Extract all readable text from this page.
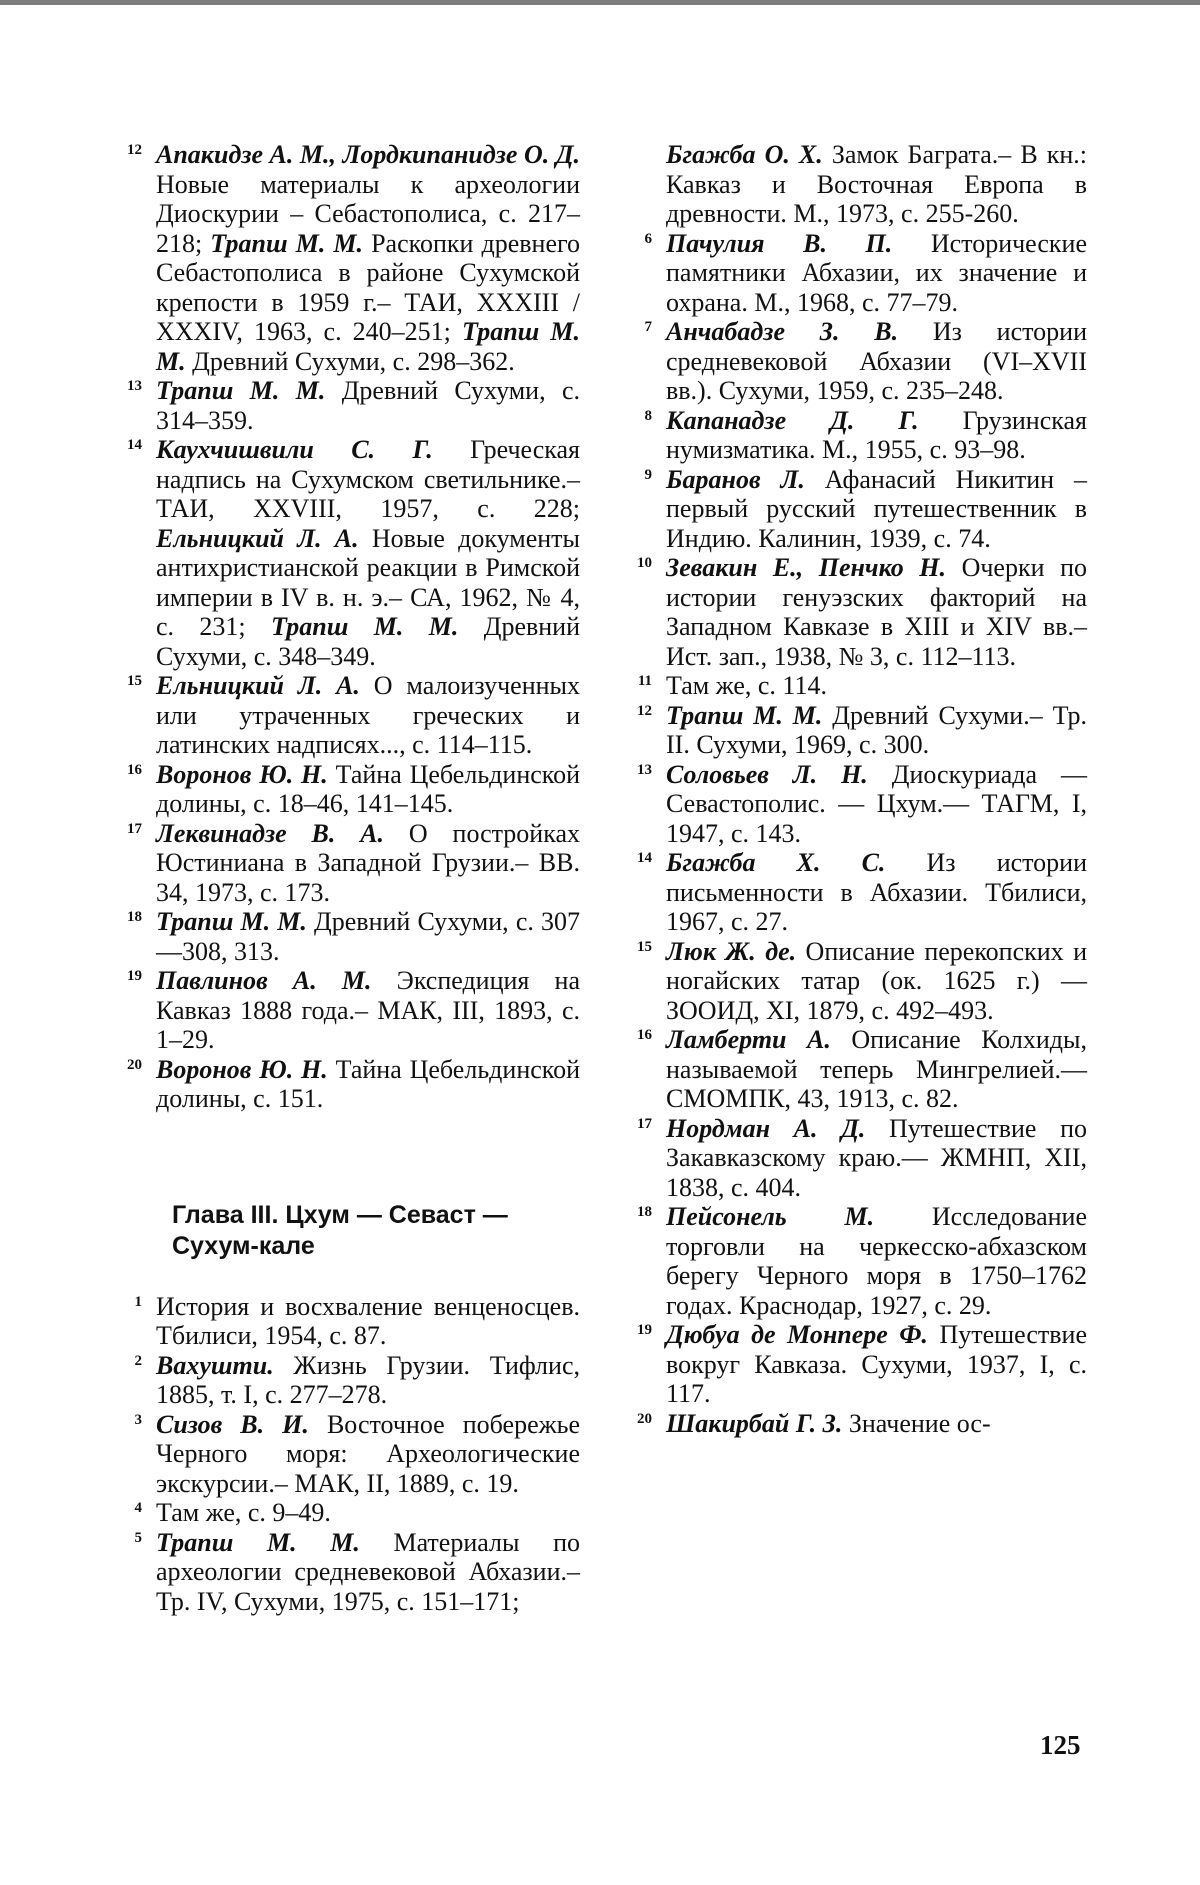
12 Апакидзе А. М., Лордкипанидзе О. Д. Новые материалы к археологии Диоскурии – Себастополиса, с. 217–218; Трапш М. М. Раскопки древнего Себастополиса в районе Сухумской крепости в 1959 г.– ТАИ, XXXIII / XXXIV, 1963, с. 240–251; Трапш М. М. Древний Сухуми, с. 298–362.

13 Трапш М. М. Древний Сухуми, с. 314–359.

14 Каухчишвили С. Г. Греческая надпись на Сухумском светильнике.– ТАИ, XXVIII, 1957, с. 228; Ельницкий Л. А. Новые документы антихристианской реакции в Римской империи в IV в. н. э.– СА, 1962, № 4, с. 231; Трапш М. М. Древний Сухуми, с. 348–349.

15 Ельницкий Л. А. О малоизученных или утраченных греческих и латинских надписях..., с. 114–115.

16 Воронов Ю. Н. Тайна Цебельдинской долины, с. 18–46, 141–145.

17 Леквинадзе В. А. О постройках Юстиниана в Западной Грузии.– ВВ. 34, 1973, с. 173.

18 Трапш М. М. Древний Сухуми, с. 307—308, 313.

19 Павлинов А. М. Экспедиция на Кавказ 1888 года.– МАК, III, 1893, с. 1–29.

20 Воронов Ю. Н. Тайна Цебельдинской долины, с. 151.

Глава III. Цхум — Севаст — Сухум-кале

1 История и восхваление венценосцев. Тбилиси, 1954, с. 87.

2 Вахушти. Жизнь Грузии. Тифлис, 1885, т. I, с. 277–278.

3 Сизов В. И. Восточное побережье Черного моря: Археологические экскурсии.– МАК, II, 1889, с. 19.

4 Там же, с. 9–49.

5 Трапш М. М. Материалы по археологии средневековой Абхазии.– Тр. IV, Сухуми, 1975, с. 151–171;

Бгажба О. Х. Замок Баграта.– В кн.: Кавказ и Восточная Европа в древности. М., 1973, с. 255-260.

6 Пачулия В. П. Исторические памятники Абхазии, их значение и охрана. М., 1968, с. 77–79.

7 Анчабадзе З. В. Из истории средневековой Абхазии (VI–XVII вв.). Сухуми, 1959, с. 235–248.

8 Капанадзе Д. Г. Грузинская нумизматика. М., 1955, с. 93–98.

9 Баранов Л. Афанасий Никитин – первый русский путешественник в Индию. Калинин, 1939, с. 74.

10 Зевакин Е., Пенчко Н. Очерки по истории генуэзских факторий на Западном Кавказе в XIII и XIV вв.– Ист. зап., 1938, № 3, с. 112–113.

11 Там же, с. 114.

12 Трапш М. М. Древний Сухуми.– Тр. II. Сухуми, 1969, с. 300.

13 Соловьев Л. Н. Диоскуриада — Севастополис. — Цхум.— ТАГМ, I, 1947, с. 143.

14 Бгажба Х. С. Из истории письменности в Абхазии. Тбилиси, 1967, с. 27.

15 Люк Ж. де. Описание перекопских и ногайских татар (ок. 1625 г.) — ЗООИД, XI, 1879, с. 492–493.

16 Ламберти А. Описание Колхиды, называемой теперь Мингрелией.— СМОМПК, 43, 1913, с. 82.

17 Нордман А. Д. Путешествие по Закавказскому краю.— ЖМНП, XII, 1838, с. 404.

18 Пейсонель М. Исследование торговли на черкесско-абхазском берегу Черного моря в 1750–1762 годах. Краснодар, 1927, с. 29.

19 Дюбуа де Монпере Ф. Путешествие вокруг Кавказа. Сухуми, 1937, I, с. 117.

20 Шакирбай Г. З. Значение ос-

125
